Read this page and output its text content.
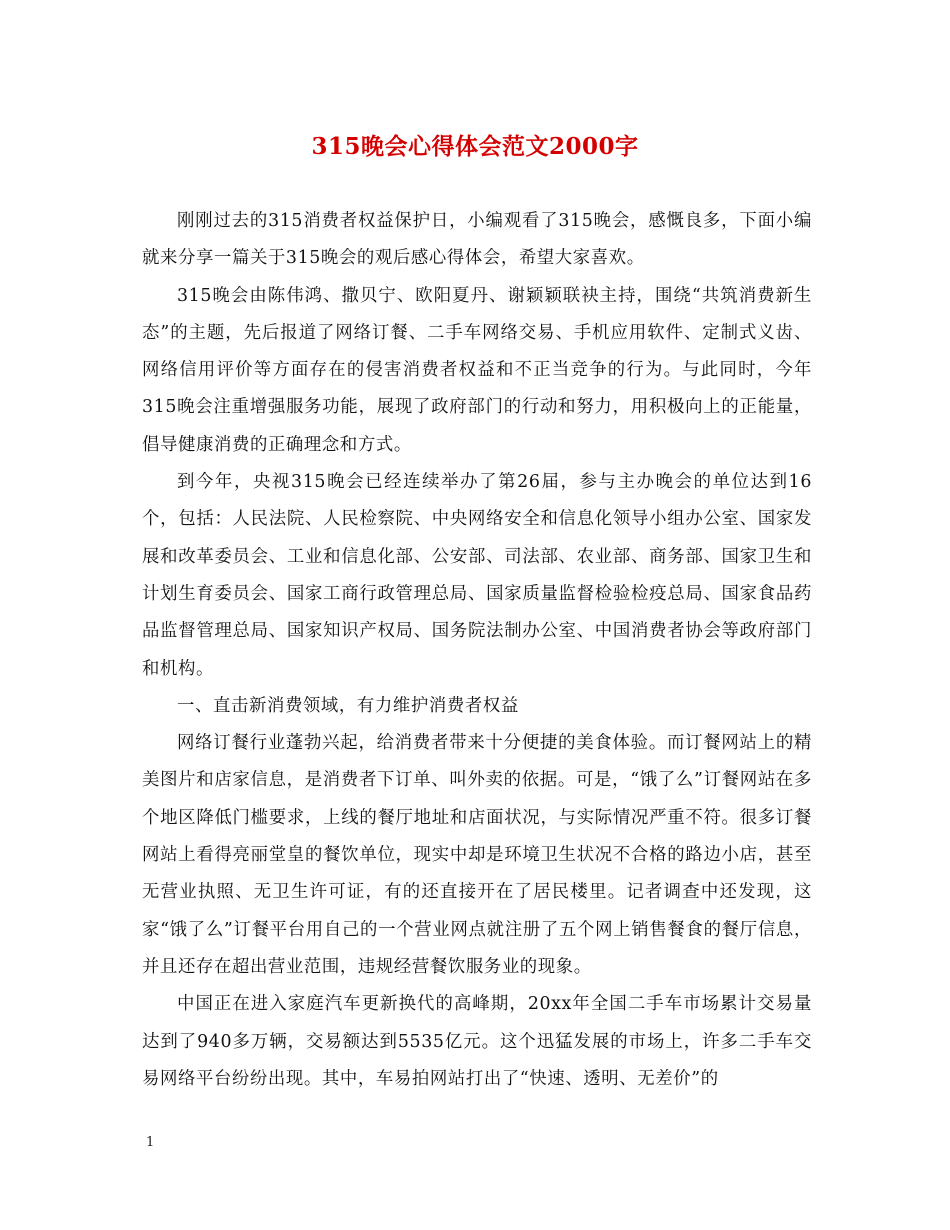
315晚会心得体会范文2000字

刚刚过去的315消费者权益保护日，小编观看了315晚会，感慨良多，下面小编就来分享一篇关于315晚会的观后感心得体会，希望大家喜欢。

315晚会由陈伟鸿、撒贝宁、欧阳夏丹、谢颖颖联袂主持，围绕“共筑消费新生态”的主题，先后报道了网络订餐、二手车网络交易、手机应用软件、定制式义齿、网络信用评价等方面存在的侵害消费者权益和不正当竞争的行为。与此同时，今年315晚会注重增强服务功能，展现了政府部门的行动和努力，用积极向上的正能量，倡导健康消费的正确理念和方式。

到今年，央视315晚会已经连续举办了第26届，参与主办晚会的单位达到16个，包括：人民法院、人民检察院、中央网络安全和信息化领导小组办公室、国家发展和改革委员会、工业和信息化部、公安部、司法部、农业部、商务部、国家卫生和计划生育委员会、国家工商行政管理总局、国家质量监督检验检疫总局、国家食品药品监督管理总局、国家知识产权局、国务院法制办公室、中国消费者协会等政府部门和机构。

一、直击新消费领域，有力维护消费者权益

网络订餐行业蓬勃兴起，给消费者带来十分便捷的美食体验。而订餐网站上的精美图片和店家信息，是消费者下订单、叫外卖的依据。可是，“饿了么”订餐网站在多个地区降低门槛要求，上线的餐厅地址和店面状况，与实际情况严重不符。很多订餐网站上看得亮丽堂皇的餐饮单位，现实中却是环境卫生状况不合格的路边小店，甚至无营业执照、无卫生许可证，有的还直接开在了居民楼里。记者调查中还发现，这家“饿了么”订餐平台用自己的一个营业网点就注册了五个网上销售餐食的餐厅信息，并且还存在超出营业范围，违规经营餐饮服务业的现象。

中国正在进入家庭汽车更新换代的高峰期，20xx年全国二手车市场累计交易量达到了940多万辆，交易额达到5535亿元。这个迅猛发展的市场上，许多二手车交易网络平台纷纷出现。其中，车易拍网站打出了“快速、透明、无差价”的

1
